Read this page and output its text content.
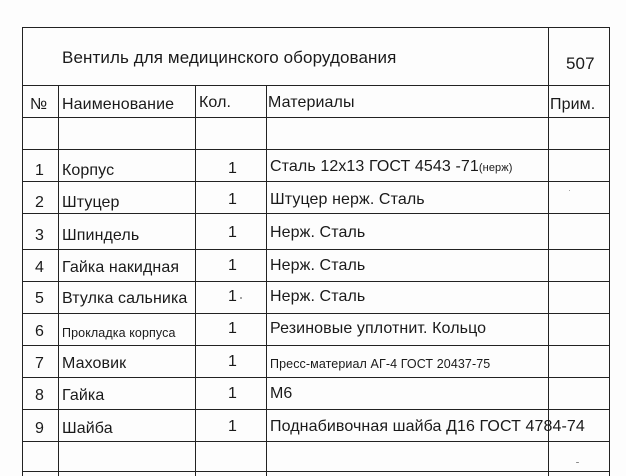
Вентиль для медицинского оборудования	507
№ Наименование Кол. Материалы	Прим.
1 Корпус	1 Сталь 12х13 ГОСТ 4543 -71(нерж)
2 Штуцер	1 Штуцер нерж. Сталь
3 Шпиндель	1 Нерж. Сталь
4 Гайка накидная	1 Нерж. Сталь
5 Втулка сальника	1 Нерж. Сталь
6 Прокладка корпуса	1 Резиновые уплотнит. Кольцо
7 Маховик	1	Пресс-материал АГ-4 ГОСТ 20437-75
8 Гайка	1 М6
9 Шайба	1 Поднабивочная шайба Д16 ГОСТ 4784-74
